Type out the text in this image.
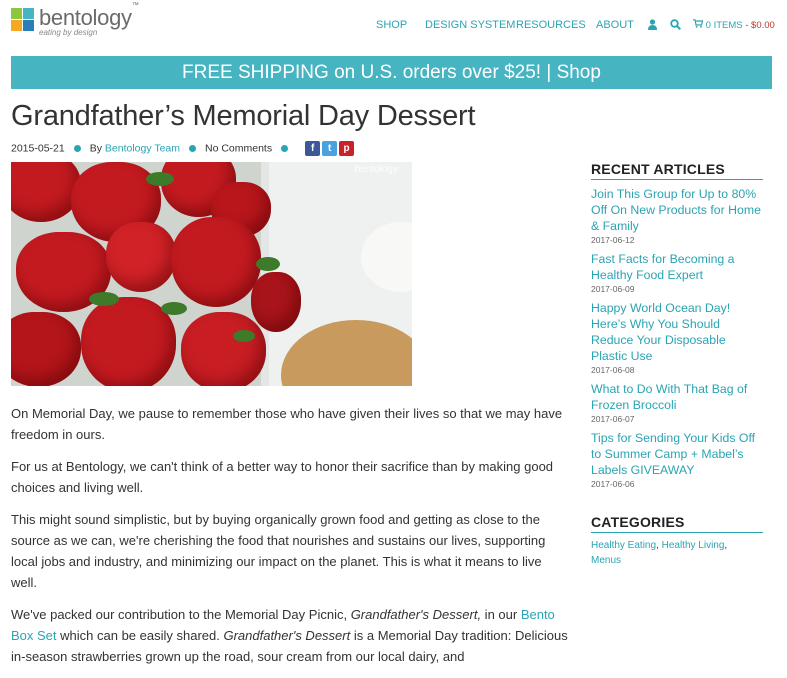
bentology™
eating by design
SHOP DESIGN SYSTEM RESOURCES ABOUT	0 ITEMS - $0.00
FREE SHIPPING on U.S. orders over $25! | Shop
Grandfather’s Memorial Day Dessert
2015-05-21 By Bentology Team No Comments	f t p
bentology

On Memorial Day, we pause to remember those who have given their lives so that we may have freedom in ours.

For us at Bentology, we can't think of a better way to honor their sacrifice than by making good choices and living well.

This might sound simplistic, but by buying organically grown food and getting as close to the source as we can, we're cherishing the food that nourishes and sustains our lives, supporting local jobs and industry, and minimizing our impact on the planet. This is what it means to live well.

We've packed our contribution to the Memorial Day Picnic, Grandfather's Dessert, in our Bento Box Set which can be easily shared. Grandfather's Dessert is a Memorial Day tradition: Delicious in-season strawberries grown up the road, sour cream from our local dairy, and

RECENT ARTICLES
Join This Group for Up to 80% Off On New Products for Home & Family
2017-06-12
Fast Facts for Becoming a Healthy Food Expert
2017-06-09
Happy World Ocean Day! Here’s Why You Should Reduce Your Disposable Plastic Use
2017-06-08
What to Do With That Bag of Frozen Broccoli
2017-06-07
Tips for Sending Your Kids Off to Summer Camp + Mabel’s Labels GIVEAWAY
2017-06-06
CATEGORIES
Healthy Eating, Healthy Living,
Menus
